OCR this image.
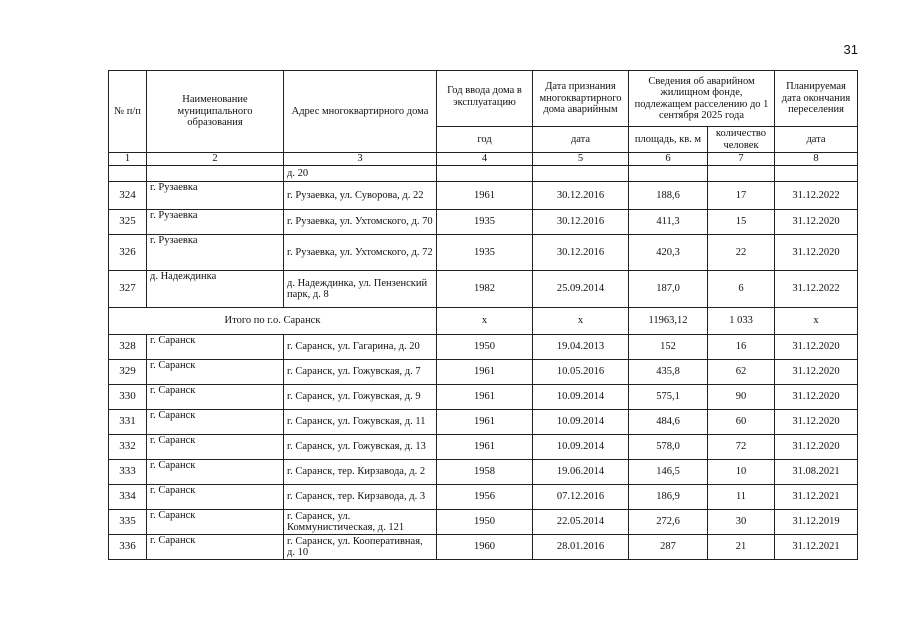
31
№ п/п	Наименование муниципального образования	Адрес многоквартирного дома	Год ввода дома в эксплуатацию	Дата признания многоквартирного дома аварийным	Сведения об аварийном жилищном фонде, подлежащем расселению до 1 сентября 2025 года		Планируемая дата окончания переселения
			год	дата	площадь, кв. м	количество человек	дата
1	2	3	4	5	6	7	8
		д. 20					
324	г. Рузаевка	г. Рузаевка, ул. Суворова, д. 22	1961	30.12.2016	188,6	17	31.12.2022
325	г. Рузаевка	г. Рузаевка, ул. Ухтомского, д. 70	1935	30.12.2016	411,3	15	31.12.2020
326	г. Рузаевка	г. Рузаевка, ул. Ухтомского, д. 72	1935	30.12.2016	420,3	22	31.12.2020
327	д. Надеждинка	д. Надеждинка, ул. Пензенский парк, д. 8	1982	25.09.2014	187,0	6	31.12.2022
Итого по г.о. Саранск			х	х	11963,12	1 033	х
328	г. Саранск	г. Саранск, ул. Гагарина, д. 20	1950	19.04.2013	152	16	31.12.2020
329	г. Саранск	г. Саранск, ул. Гожувская, д. 7	1961	10.05.2016	435,8	62	31.12.2020
330	г. Саранск	г. Саранск, ул. Гожувская, д. 9	1961	10.09.2014	575,1	90	31.12.2020
331	г. Саранск	г. Саранск, ул. Гожувская, д. 11	1961	10.09.2014	484,6	60	31.12.2020
332	г. Саранск	г. Саранск, ул. Гожувская, д. 13	1961	10.09.2014	578,0	72	31.12.2020
333	г. Саранск	г. Саранск, тер. Кирзавода, д. 2	1958	19.06.2014	146,5	10	31.08.2021
334	г. Саранск	г. Саранск, тер. Кирзавода, д. 3	1956	07.12.2016	186,9	11	31.12.2021
335	г. Саранск	г. Саранск, ул. Коммунистическая, д. 121	1950	22.05.2014	272,6	30	31.12.2019
336	г. Саранск	г. Саранск, ул. Кооперативная, д. 10	1960	28.01.2016	287	21	31.12.2021
